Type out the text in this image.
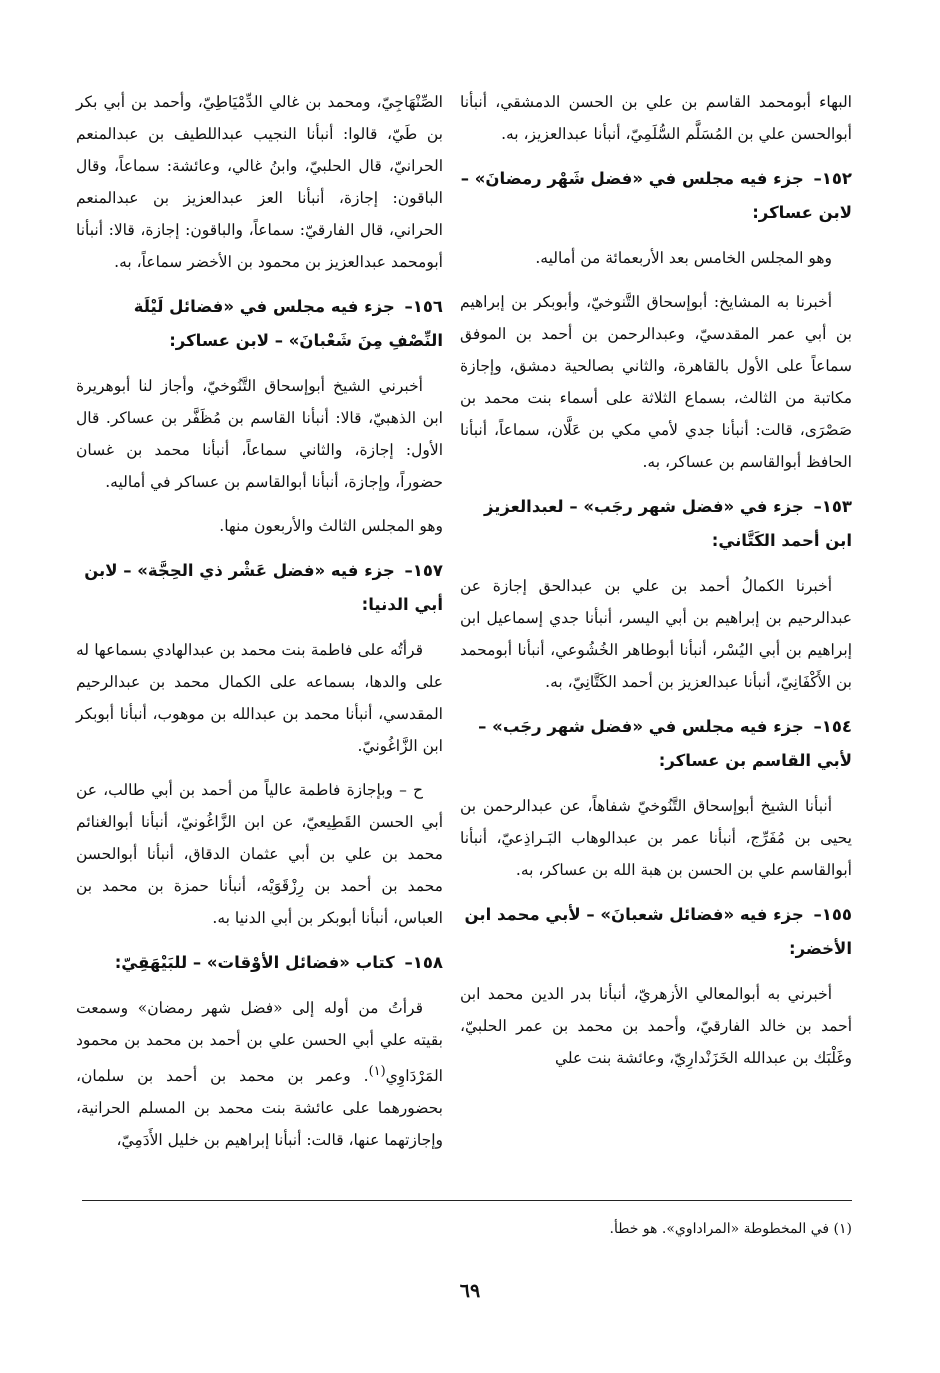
البهاء أبومحمد القاسم بن علي بن الحسن الدمشقي، أنبأنا أبوالحسن علي بن المُسَلَّم السُّلَمِيّ، أنبأنا عبدالعزيز، به.

١٥٢– جزء فيه مجلس في «فضل شَهْر رمضانَ» – لابن عساكر:

وهو المجلس الخامس بعد الأربعمائة من أماليه.

أخبرنا به المشايخ: أبوإسحاق التَّنوخيّ، وأبوبكر بن إبراهيم بن أبي عمر المقدسيّ، وعبدالرحمن بن أحمد بن الموفق سماعاً على الأول بالقاهرة، والثاني بصالحية دمشق، وإجازة مكاتبة من الثالث، بسماع الثلاثة على أسماء بنت محمد بن صَصْرَى، قالت: أنبأنا جدي لأمي مكي بن عَلَّان، سماعاً، أنبأنا الحافظ أبوالقاسم بن عساكر، به.

١٥٣– جزء في «فضل شهر رجَب» – لعبدالعزيز ابن أحمد الكَتَّاني:

أخبرنا الكمالُ أحمد بن علي بن عبدالحق إجازة عن عبدالرحيم بن إبراهيم بن أبي اليسر، أنبأنا جدي إسماعيل ابن إبراهيم بن أبي اليُسْر، أنبأنا أبوطاهر الخُشُوعي، أنبأنا أبومحمد بن الأَكْفَانِيّ، أنبأنا عبدالعزيز بن أحمد الكَتَّانِيّ، به.

١٥٤– جزء فيه مجلس في «فضل شهر رجَب» – لأبي القاسم بن عساكر:

أنبأنا الشيخ أبوإسحاق التَّنُوخيّ شفاهاً، عن عبدالرحمن بن يحيى بن مُفَرِّج، أنبأنا عمر بن عبدالوهاب البَـراذِعيّ، أنبأنا أبوالقاسم علي بن الحسن بن هبة الله بن عساكر، به.

١٥٥– جزء فيه «فضائل شعبانَ» – لأبي محمد ابن الأخضر:

أخبرني به أبوالمعالي الأزهريّ، أنبأنا بدر الدين محمد ابن أحمد بن خالد الفارقيّ، وأحمد بن محمد بن عمر الحلبيّ، وغَلْبَك بن عبدالله الخَزَنْدارِيّ، وعائشة بنت علي

الصِّنْهَاجِيّ، ومحمد بن غالي الدِّمْيَاطِيّ، وأحمد بن أبي بكر بن طَيّ، قالوا: أنبأنا النجيب عبداللطيف بن عبدالمنعم الحرانيّ، قال الحلبيّ، وابنُ غالي، وعائشة: سماعاً، وقال الباقون: إجازة، أنبأنا العز عبدالعزيز بن عبدالمنعم الحراني، قال الفارقيّ: سماعاً، والباقون: إجازة، قالا: أنبأنا أبومحمد عبدالعزيز بن محمود بن الأخضر سماعاً، به.

١٥٦– جزء فيه مجلس في «فضائل لَيْلَة النِّصْفِ مِنَ شَعْبانَ» – لابن عساكر:

أخبرني الشيخ أبوإسحاق التَّنُوخيّ، وأجاز لنا أبوهريرة ابن الذهبيّ، قالا: أنبأنا القاسم بن مُظَفَّر بن عساكر. قال الأول: إجازة، والثاني سماعاً، أنبأنا محمد بن غسان حضوراً، وإجازة، أنبأنا أبوالقاسم بن عساكر في أماليه.

وهو المجلس الثالث والأربعون منها.

١٥٧– جزء فيه «فضل عَشْر ذي الحِجَّة» – لابن أبي الدنيا:

قرأتُه على فاطمة بنت محمد بن عبدالهادي بسماعها له على والدها، بسماعه على الكمال محمد بن عبدالرحيم المقدسي، أنبأنا محمد بن عبدالله بن موهوب، أنبأنا أبوبكر ابن الزَّاغُونيّ.

ح – وبإجازة فاطمة عالياً من أحمد بن أبي طالب، عن أبي الحسن القَطِيعيّ، عن ابن الزَّاغُونيّ، أنبأنا أبوالغنائم محمد بن علي بن أبي عثمان الدقاق، أنبأنا أبوالحسن محمد بن أحمد بن رِزْقَوَيْه، أنبأنا حمزة بن محمد بن العباس، أنبأنا أبوبكر بن أبي الدنيا به.

١٥٨– كتاب «فضائل الأوْقات» – للبَيْهَقِيّ:

قرأتُ من أوله إلى «فضل شهر رمضان» وسمعت بقيته علي أبي الحسن علي بن أحمد بن محمد بن محمود المَرْدَاوِي$^{(١)}$. وعمر بن محمد بن أحمد بن سلمان، بحضورهما على عائشة بنت محمد بن المسلم الحرانية، وإجازتهما عنها، قالت: أنبأنا إبراهيم بن خليل الأَدَمِيّ،

(١) في المخطوطة «المراداوي». هو خطأ.
٦٩
